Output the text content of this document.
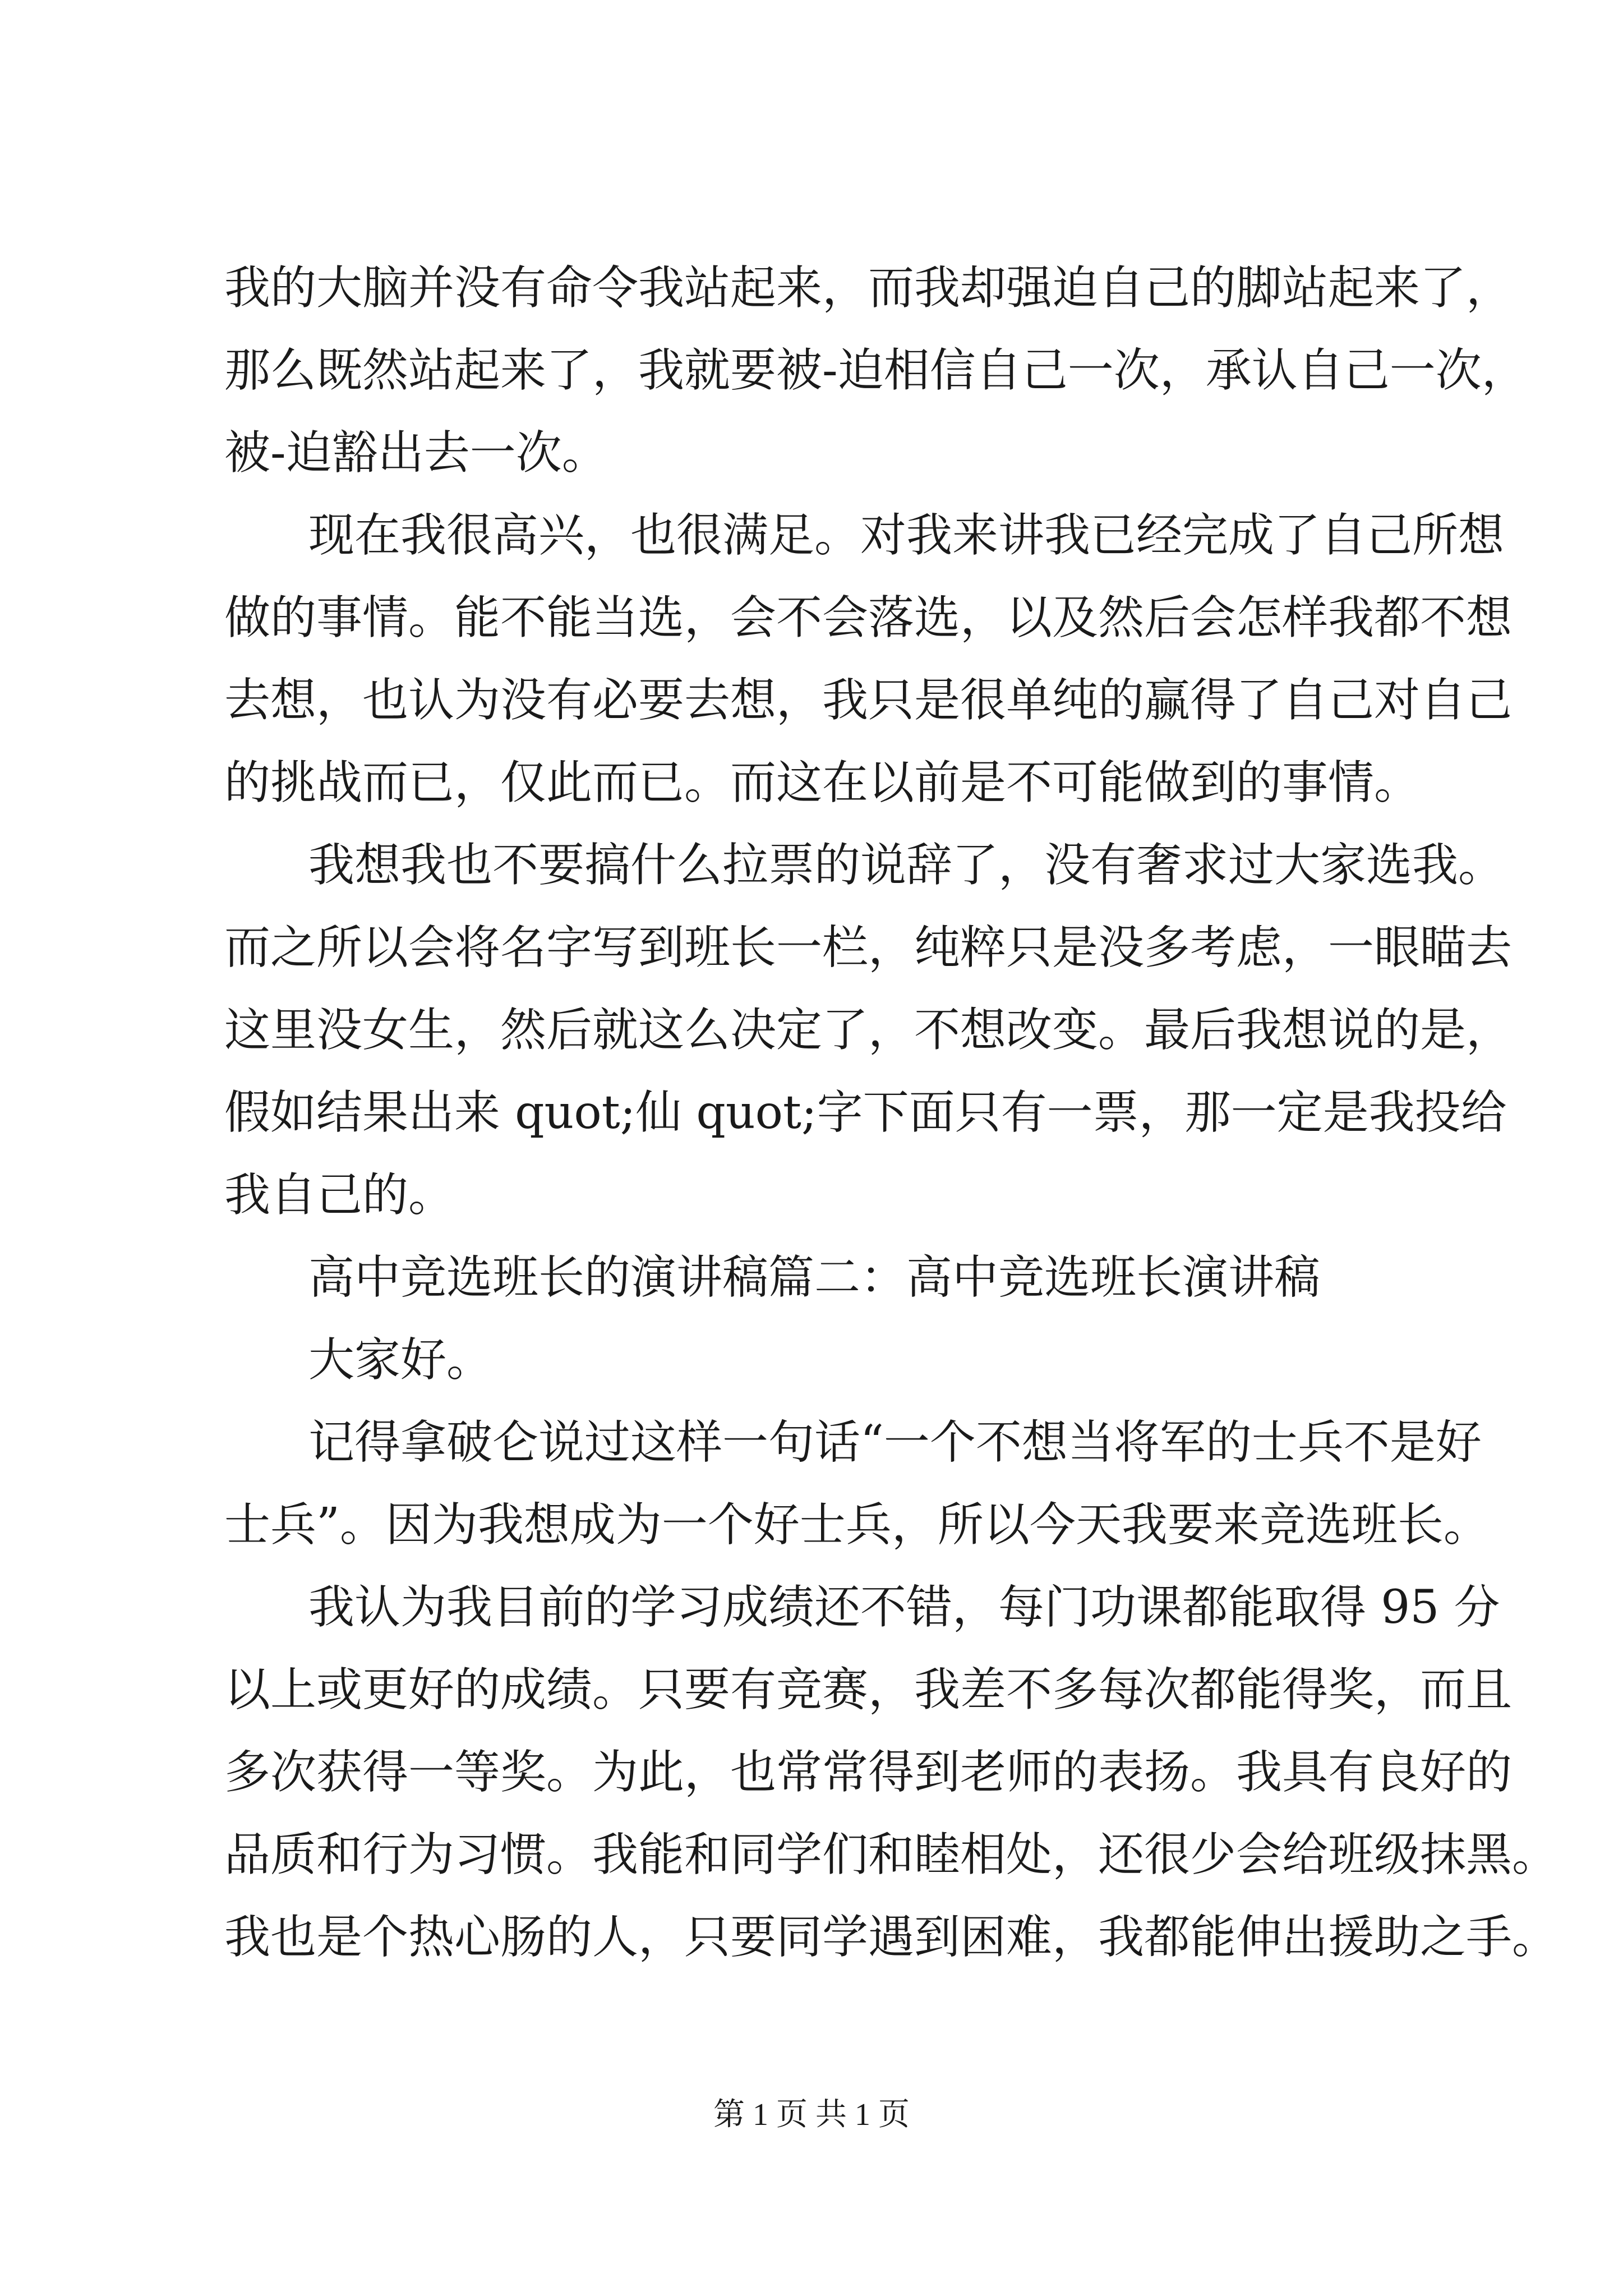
我的大脑并没有命令我站起来，而我却强迫自己的脚站起来了，
那么既然站起来了，我就要被-迫相信自己一次，承认自己一次，
被-迫豁出去一次。
现在我很高兴，也很满足。对我来讲我已经完成了自己所想
做的事情。能不能当选，会不会落选，以及然后会怎样我都不想
去想，也认为没有必要去想，我只是很单纯的赢得了自己对自己
的挑战而已，仅此而已。而这在以前是不可能做到的事情。
我想我也不要搞什么拉票的说辞了，没有奢求过大家选我。
而之所以会将名字写到班长一栏，纯粹只是没多考虑，一眼瞄去
这里没女生，然后就这么决定了，不想改变。最后我想说的是，
假如结果出来 quot;仙 quot;字下面只有一票，那一定是我投给
我自己的。
高中竞选班长的演讲稿篇二：高中竞选班长演讲稿
大家好。
记得拿破仑说过这样一句话“一个不想当将军的士兵不是好
士兵”。因为我想成为一个好士兵，所以今天我要来竞选班长。
我认为我目前的学习成绩还不错，每门功课都能取得 95 分
以上或更好的成绩。只要有竞赛，我差不多每次都能得奖，而且
多次获得一等奖。为此，也常常得到老师的表扬。我具有良好的
品质和行为习惯。我能和同学们和睦相处，还很少会给班级抹黑。
我也是个热心肠的人，只要同学遇到困难，我都能伸出援助之手。
第 1 页 共 1 页
